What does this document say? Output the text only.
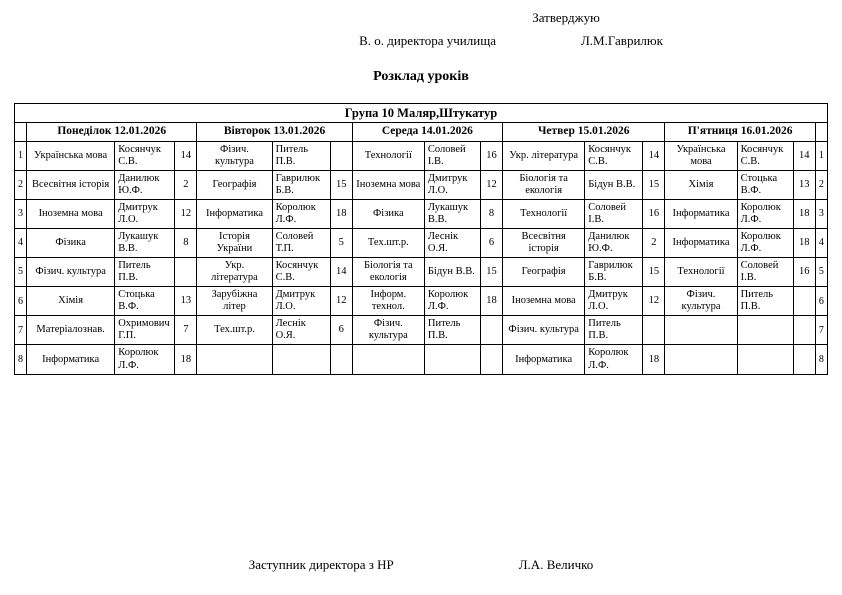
Затверджую
В. о. директора училища	Л.М.Гаврилюк
Розклад уроків
Група 10 Маляр,Штукатур																
	Понеділок 12.01.2026			Вівторок 13.01.2026			Середа 14.01.2026			Четвер 15.01.2026			П'ятниця 16.01.2026			
1	Українська мова	Косянчук С.В.	14	Фізич. культура	Питель П.В.		Технології	Соловей І.В.	16	Укр. література	Косянчук С.В.	14	Українська мова	Косянчук С.В.	14	1
2	Всесвітня історія	Данилюк Ю.Ф.	2	Географія	Гаврилюк Б.В.	15	Іноземна мова	Дмитрук Л.О.	12	Біологія та екологія	Бідун В.В.	15	Хімія	Стоцька В.Ф.	13	2
3	Іноземна мова	Дмитрук Л.О.	12	Інформатика	Королюк Л.Ф.	18	Фізика	Лукашук В.В.	8	Технології	Соловей І.В.	16	Інформатика	Королюк Л.Ф.	18	3
4	Фізика	Лукашук В.В.	8	Історія України	Соловей Т.П.	5	Тех.шт.р.	Леснік О.Я.	6	Всесвітня історія	Данилюк Ю.Ф.	2	Інформатика	Королюк Л.Ф.	18	4
5	Фізич. культура	Питель П.В.		Укр. література	Косянчук С.В.	14	Біологія та екологія	Бідун В.В.	15	Географія	Гаврилюк Б.В.	15	Технології	Соловей І.В.	16	5
6	Хімія	Стоцька В.Ф.	13	Зарубіжна літер	Дмитрук Л.О.	12	Інформ. технол.	Королюк Л.Ф.	18	Іноземна мова	Дмитрук Л.О.	12	Фізич. культура	Питель П.В.		6
7	Матеріалознав.	Охримович Г.П.	7	Тех.шт.р.	Леснік О.Я.	6	Фізич. культура	Питель П.В.		Фізич. культура	Питель П.В.					7
8	Інформатика	Королюк Л.Ф.	18							Інформатика	Королюк Л.Ф.	18				8
Заступник директора з НР	Л.А. Величко
